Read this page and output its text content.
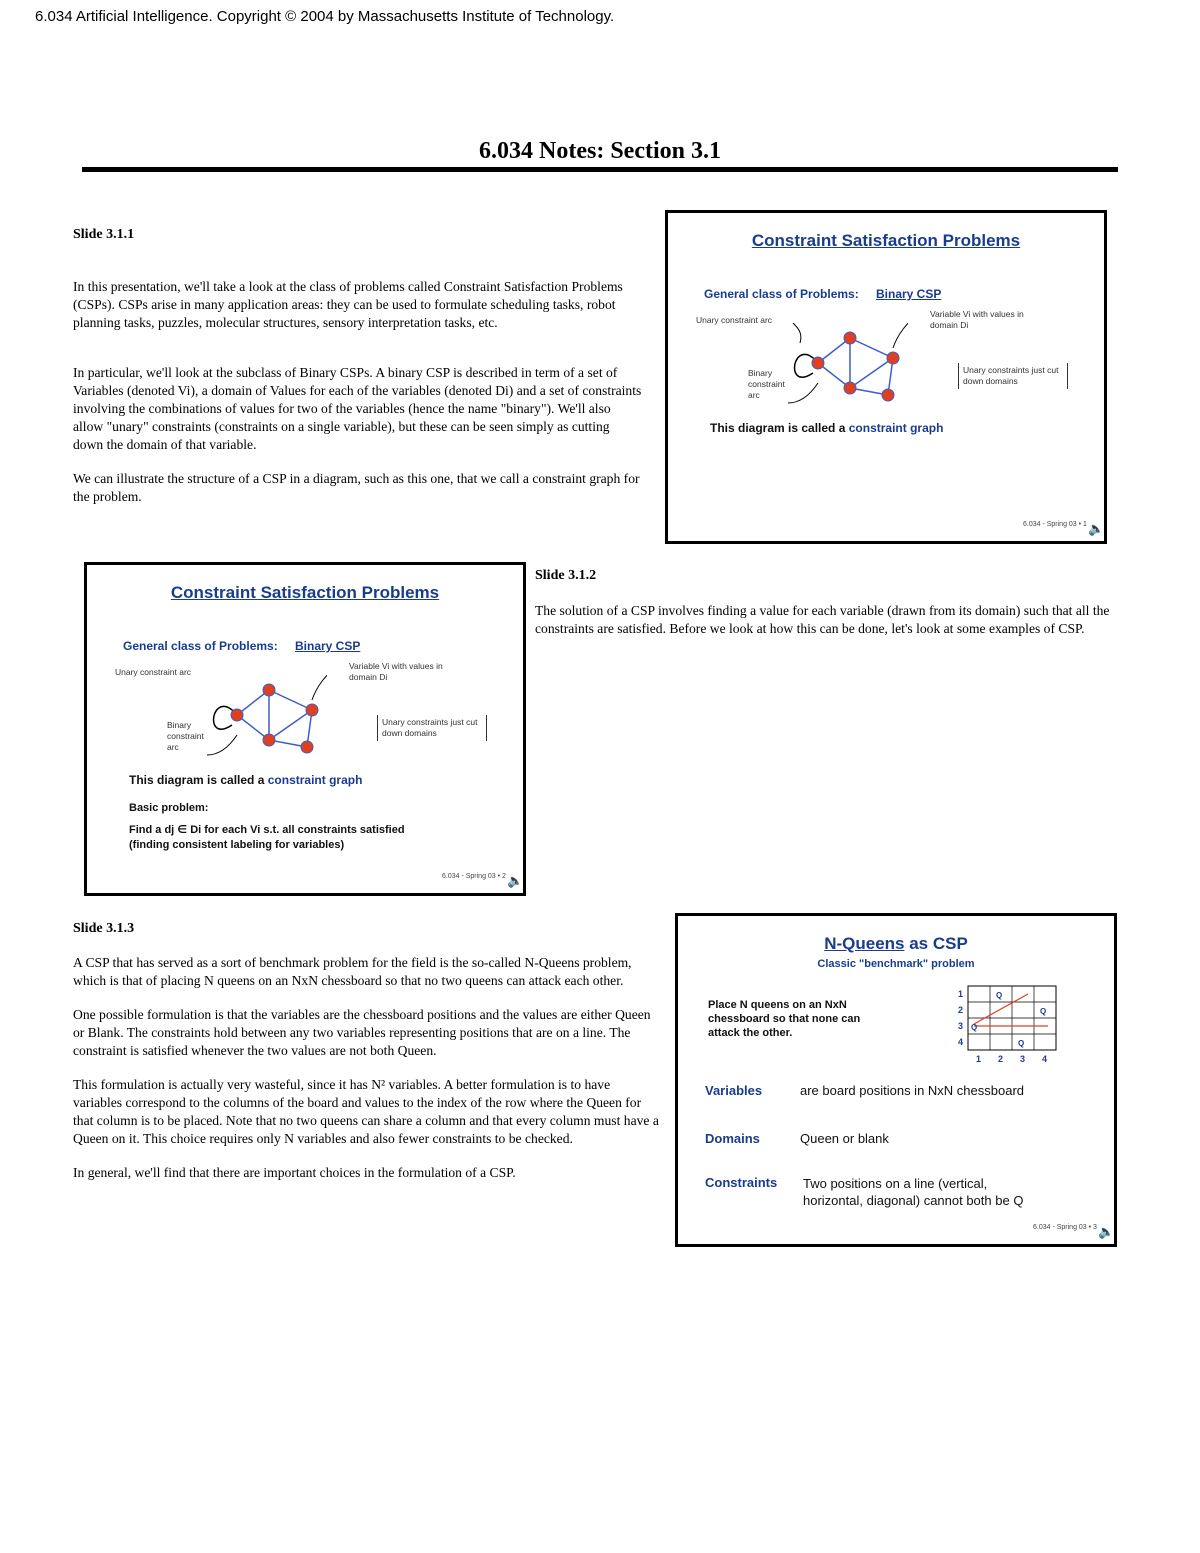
6.034 Artificial Intelligence. Copyright © 2004 by Massachusetts Institute of Technology.
6.034 Notes: Section 3.1
Slide 3.1.1

In this presentation, we'll take a look at the class of problems called Constraint Satisfaction Problems (CSPs). CSPs arise in many application areas: they can be used to formulate scheduling tasks, robot planning tasks, puzzles, molecular structures, sensory interpretation tasks, etc.

In particular, we'll look at the subclass of Binary CSPs. A binary CSP is described in term of a set of Variables (denoted Vi), a domain of Values for each of the variables (denoted Di) and a set of constraints involving the combinations of values for two of the variables (hence the name "binary"). We'll also allow "unary" constraints (constraints on a single variable), but these can be seen simply as cutting down the domain of that variable.

We can illustrate the structure of a CSP in a diagram, such as this one, that we call a constraint graph for the problem.

Constraint Satisfaction Problems
General class of Problems: Binary CSP
Unary constraint arc
Variable Vi with values in domain Di
Binary constraint arc
Unary constraints just cut down domains
This diagram is called a constraint graph
6.034 - Spring 03 • 1 🔈
Constraint Satisfaction Problems
General class of Problems: Binary CSP
Unary constraint arc
Variable Vi with values in domain Di
Binary constraint arc
Unary constraints just cut down domains
This diagram is called a constraint graph
Basic problem:
Find a dj ∈ Di for each Vi s.t. all constraints satisfied
(finding consistent labeling for variables)
6.034 - Spring 03 • 2 🔈
Slide 3.1.2

The solution of a CSP involves finding a value for each variable (drawn from its domain) such that all the constraints are satisfied. Before we look at how this can be done, let's look at some examples of CSP.

Slide 3.1.3

A CSP that has served as a sort of benchmark problem for the field is the so-called N-Queens problem, which is that of placing N queens on an NxN chessboard so that no two queens can attack each other.

One possible formulation is that the variables are the chessboard positions and the values are either Queen or Blank. The constraints hold between any two variables representing positions that are on a line. The constraint is satisfied whenever the two values are not both Queen.

This formulation is actually very wasteful, since it has N² variables. A better formulation is to have variables correspond to the columns of the board and values to the index of the row where the Queen for that column is to be placed. Note that no two queens can share a column and that every column must have a Queen on it. This choice requires only N variables and also fewer constraints to be checked.

In general, we'll find that there are important choices in the formulation of a CSP.

N-Queens as CSP
Classic "benchmark" problem
Place N queens on an NxN chessboard so that none can attack the other.
1
2
3
4
1 2 3 4
Q
Q
Q
Q
Variables	are board positions in NxN chessboard
Domains	Queen or blank
Constraints Two positions on a line (vertical,
horizontal, diagonal) cannot both be Q
6.034 - Spring 03 • 3 🔈
